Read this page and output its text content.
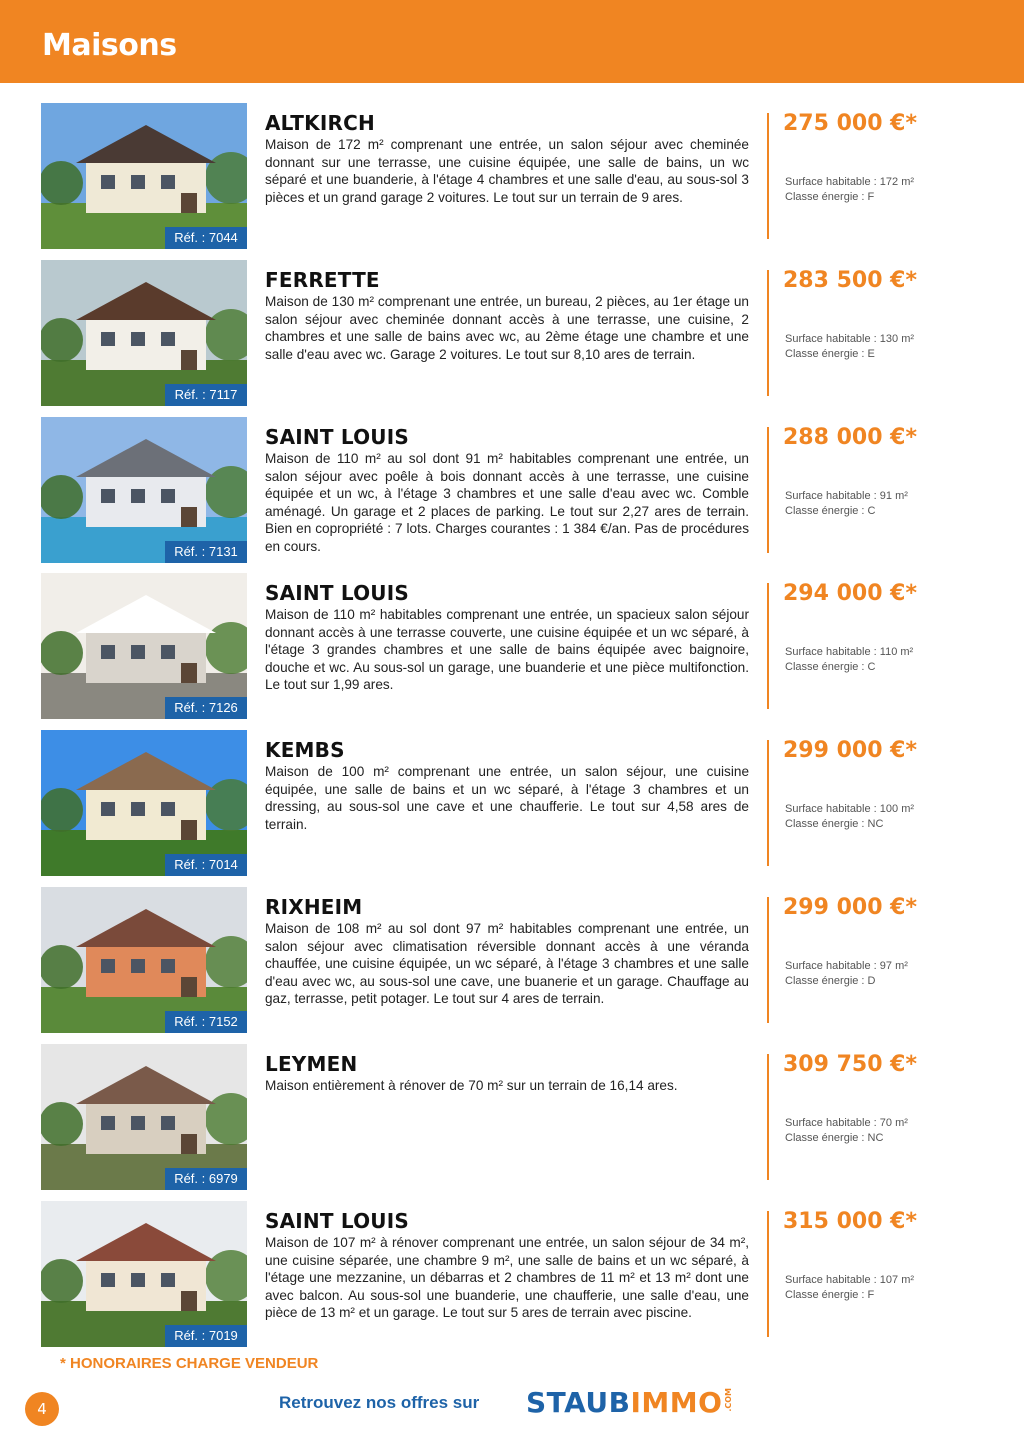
Maisons
Réf. : 7044
ALTKIRCH
Maison de 172 m² comprenant une entrée, un salon séjour avec cheminée donnant sur une terrasse, une cuisine équipée, une salle de bains, un wc séparé et une buanderie, à l'étage 4 chambres et une salle d'eau, au sous-sol 3 pièces et un grand garage 2 voitures. Le tout sur un terrain de 9 ares.
275 000 €*
Surface habitable : 172 m²
Classe énergie : F
Réf. : 7117
FERRETTE
Maison de 130 m² comprenant une entrée, un bureau, 2 pièces, au 1er étage un salon séjour avec cheminée donnant accès à une terrasse, une cuisine, 2 chambres et une salle de bains avec wc, au 2ème étage une chambre et une salle d'eau avec wc. Garage 2 voitures. Le tout sur 8,10 ares de terrain.
283 500 €*
Surface habitable : 130 m²
Classe énergie : E
Réf. : 7131
SAINT LOUIS
Maison de 110 m² au sol dont 91 m² habitables comprenant une entrée, un salon séjour avec poêle à bois donnant accès à une terrasse, une cuisine équipée et un wc, à l'étage 3 chambres et une salle d'eau avec wc. Comble aménagé. Un garage et 2 places de parking. Le tout sur 2,27 ares de terrain. Bien en copropriété : 7 lots. Charges courantes : 1 384 €/an. Pas de procédures en cours.
288 000 €*
Surface habitable : 91 m²
Classe énergie : C
Réf. : 7126
SAINT LOUIS
Maison de 110 m² habitables comprenant une entrée, un spacieux salon séjour donnant accès à une terrasse couverte, une cuisine équipée et un wc séparé, à l'étage 3 grandes chambres et une salle de bains équipée avec baignoire, douche et wc. Au sous-sol un garage, une buanderie et une pièce multifonction. Le tout sur 1,99 ares.
294 000 €*
Surface habitable : 110 m²
Classe énergie : C
Réf. : 7014
KEMBS
Maison de 100 m² comprenant une entrée, un salon séjour, une cuisine équipée, une salle de bains et un wc séparé, à l'étage 3 chambres et un dressing, au sous-sol une cave et une chaufferie. Le tout sur 4,58 ares de terrain.
299 000 €*
Surface habitable : 100 m²
Classe énergie : NC
Réf. : 7152
RIXHEIM
Maison de 108 m² au sol dont 97 m² habitables comprenant une entrée, un salon séjour avec climatisation réversible donnant accès à une véranda chauffée, une cuisine équipée, un wc séparé, à l'étage 3 chambres et une salle d'eau avec wc, au sous-sol une cave, une buanerie et un garage. Chauffage au gaz, terrasse, petit potager. Le tout sur 4 ares de terrain.
299 000 €*
Surface habitable : 97 m²
Classe énergie : D
Réf. : 6979
LEYMEN
Maison entièrement à rénover de 70 m² sur un terrain de 16,14 ares.
309 750 €*
Surface habitable : 70 m²
Classe énergie : NC
Réf. : 7019
SAINT LOUIS
Maison de 107 m² à rénover comprenant une entrée, un salon séjour de 34 m², une cuisine séparée, une chambre 9 m², une salle de bains et un wc séparé, à l'étage une mezzanine, un débarras et 2 chambres de 11 m² et 13 m² dont une avec balcon. Au sous-sol une buanderie, une chaufferie, une salle d'eau, une pièce de 13 m² et un garage. Le tout sur 5 ares de terrain avec piscine.
315 000 €*
Surface habitable : 107 m²
Classe énergie : F
* HONORAIRES CHARGE VENDEUR
4	Retrouvez nos offres sur STAUBIMMO .COM
